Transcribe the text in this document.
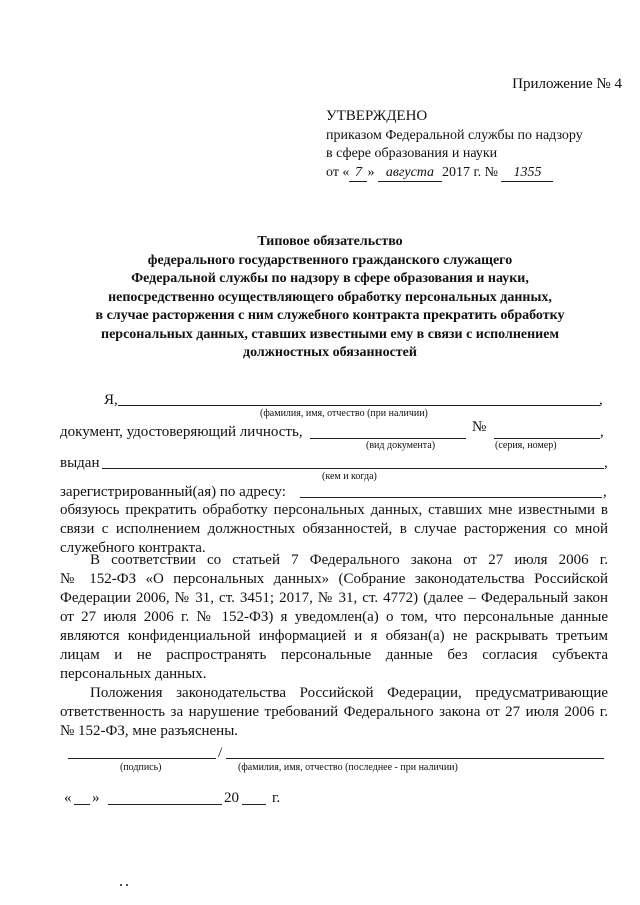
Приложение № 4
УТВЕРЖДЕНО
приказом Федеральной службы по надзору
в сфере образования и науки
от « 7 » августа 2017 г. № 1355
Типовое обязательство
федерального государственного гражданского служащего
Федеральной службы по надзору в сфере образования и науки,
непосредственно осуществляющего обработку персональных данных,
в случае расторжения с ним служебного контракта прекратить обработку
персональных данных, ставших известными ему в связи с исполнением
должностных обязанностей
Я,	,
(фамилия, имя, отчество (при наличии)
документ, удостоверяющий личность,	№	,
(вид документа)	(серия, номер)
выдан	,
(кем и когда)
зарегистрированный(ая) по адресу:	,
обязуюсь прекратить обработку персональных данных, ставших мне известными в
связи с исполнением должностных обязанностей, в случае расторжения со мной
служебного контракта.
В соответствии со статьей 7 Федерального закона от 27 июля 2006 г.
№ 152-ФЗ «О персональных данных» (Собрание законодательства Российской
Федерации 2006, № 31, ст. 3451; 2017, № 31, ст. 4772) (далее – Федеральный закон
от 27 июля 2006 г. № 152-ФЗ) я уведомлен(а) о том, что персональные данные
являются конфиденциальной информацией и я обязан(а) не раскрывать третьим
лицам и не распространять персональные данные без согласия субъекта
персональных данных.
Положения законодательства Российской Федерации, предусматривающие
ответственность за нарушение требований Федерального закона от 27 июля 2006 г.
№ 152-ФЗ, мне разъяснены.
/
(подпись)	(фамилия, имя, отчество (последнее - при наличии)
« »	20 г.
